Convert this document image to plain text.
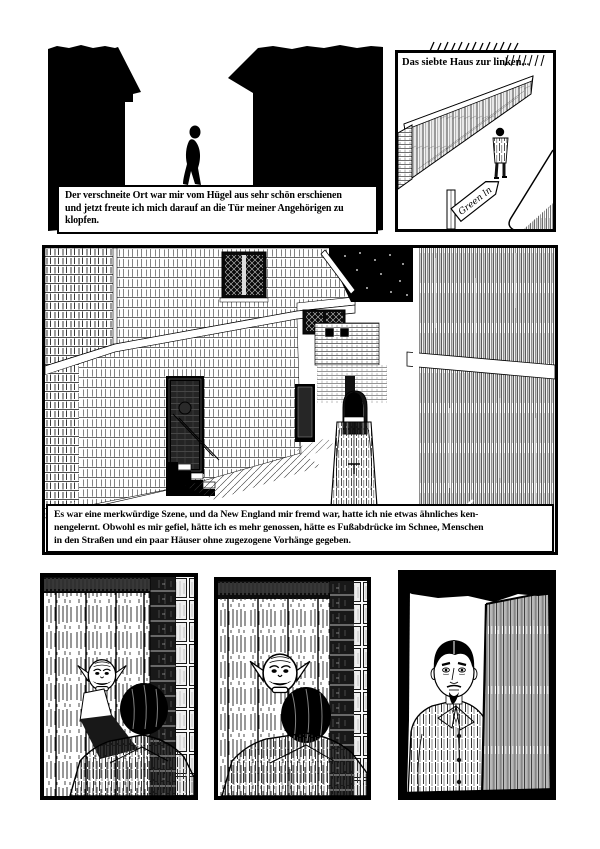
Der verschneite Ort war mir vom Hügel aus sehr schön erschienen
und jetzt freute ich mich darauf an die Tür meiner Angehörigen zu
klopfen.
Das siebte Haus zur linken...
Green ln
Es war eine merkwürdige Szene, und da New England mir fremd war, hatte ich nie etwas ähnliches ken-
nengelernt. Obwohl es mir gefiel, hätte ich es mehr genossen, hätte es Fußabdrücke im Schnee, Menschen
in den Straßen und ein paar Häuser ohne zugezogene Vorhänge gegeben.
